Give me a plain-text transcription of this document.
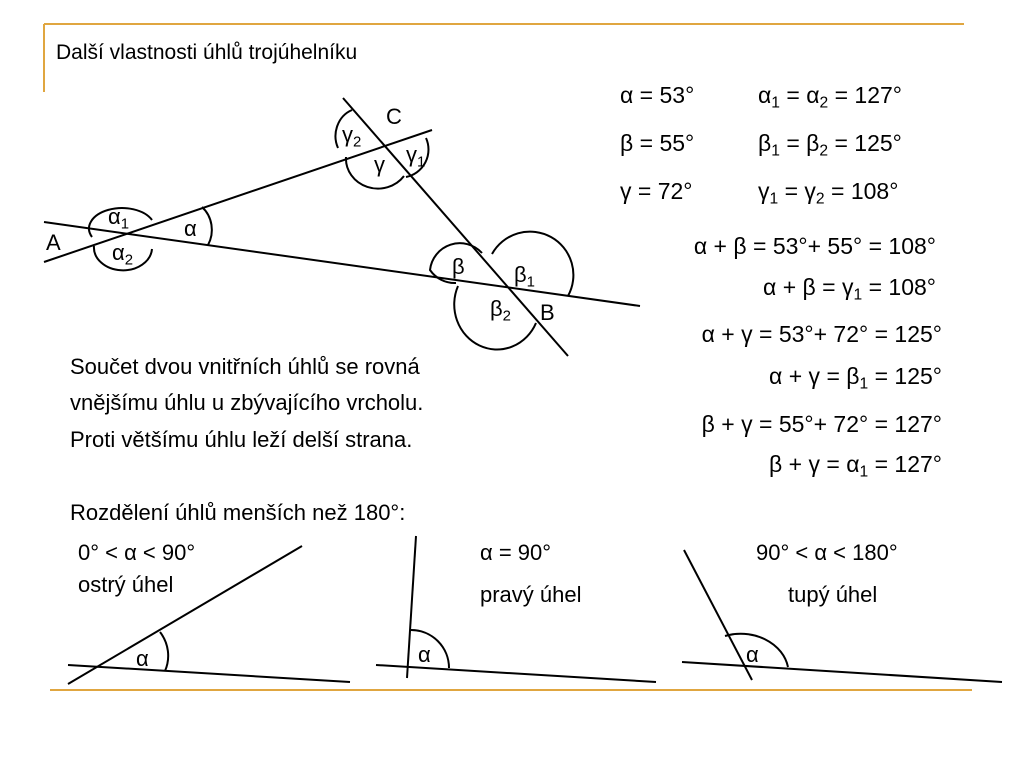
Další vlastnosti úhlů trojúhelníku
A
B
C
$\alpha_1$
$\alpha_2$
α
$\gamma_2$
γ $\gamma_1$
β $\beta_1$
$\beta_2$
α = 53°
β = 55°
γ = 72°
$\alpha_1 = \alpha_2 = 127^\circ$
$\beta_1 = \beta_2 = 125^\circ$
$\gamma_1 = \gamma_2 = 108^\circ$
α + β = 53°+ 55° = 108°
$\alpha + \beta = \gamma_1 = 108^\circ$
α + γ = 53°+ 72° = 125°
$\alpha + \gamma = \beta_1 = 125^\circ$
β + γ = 55°+ 72° = 127°
$\beta + \gamma = \alpha_1 = 127^\circ$
Součet dvou vnitřních úhlů se rovná
vnějšímu úhlu u zbývajícího vrcholu.
Proti většímu úhlu leží delší strana.
Rozdělení úhlů menších než 180°:
0° < α < 90°
ostrý úhel
α = 90°
pravý úhel
90° < α < 180°
tupý úhel
α	α	α
